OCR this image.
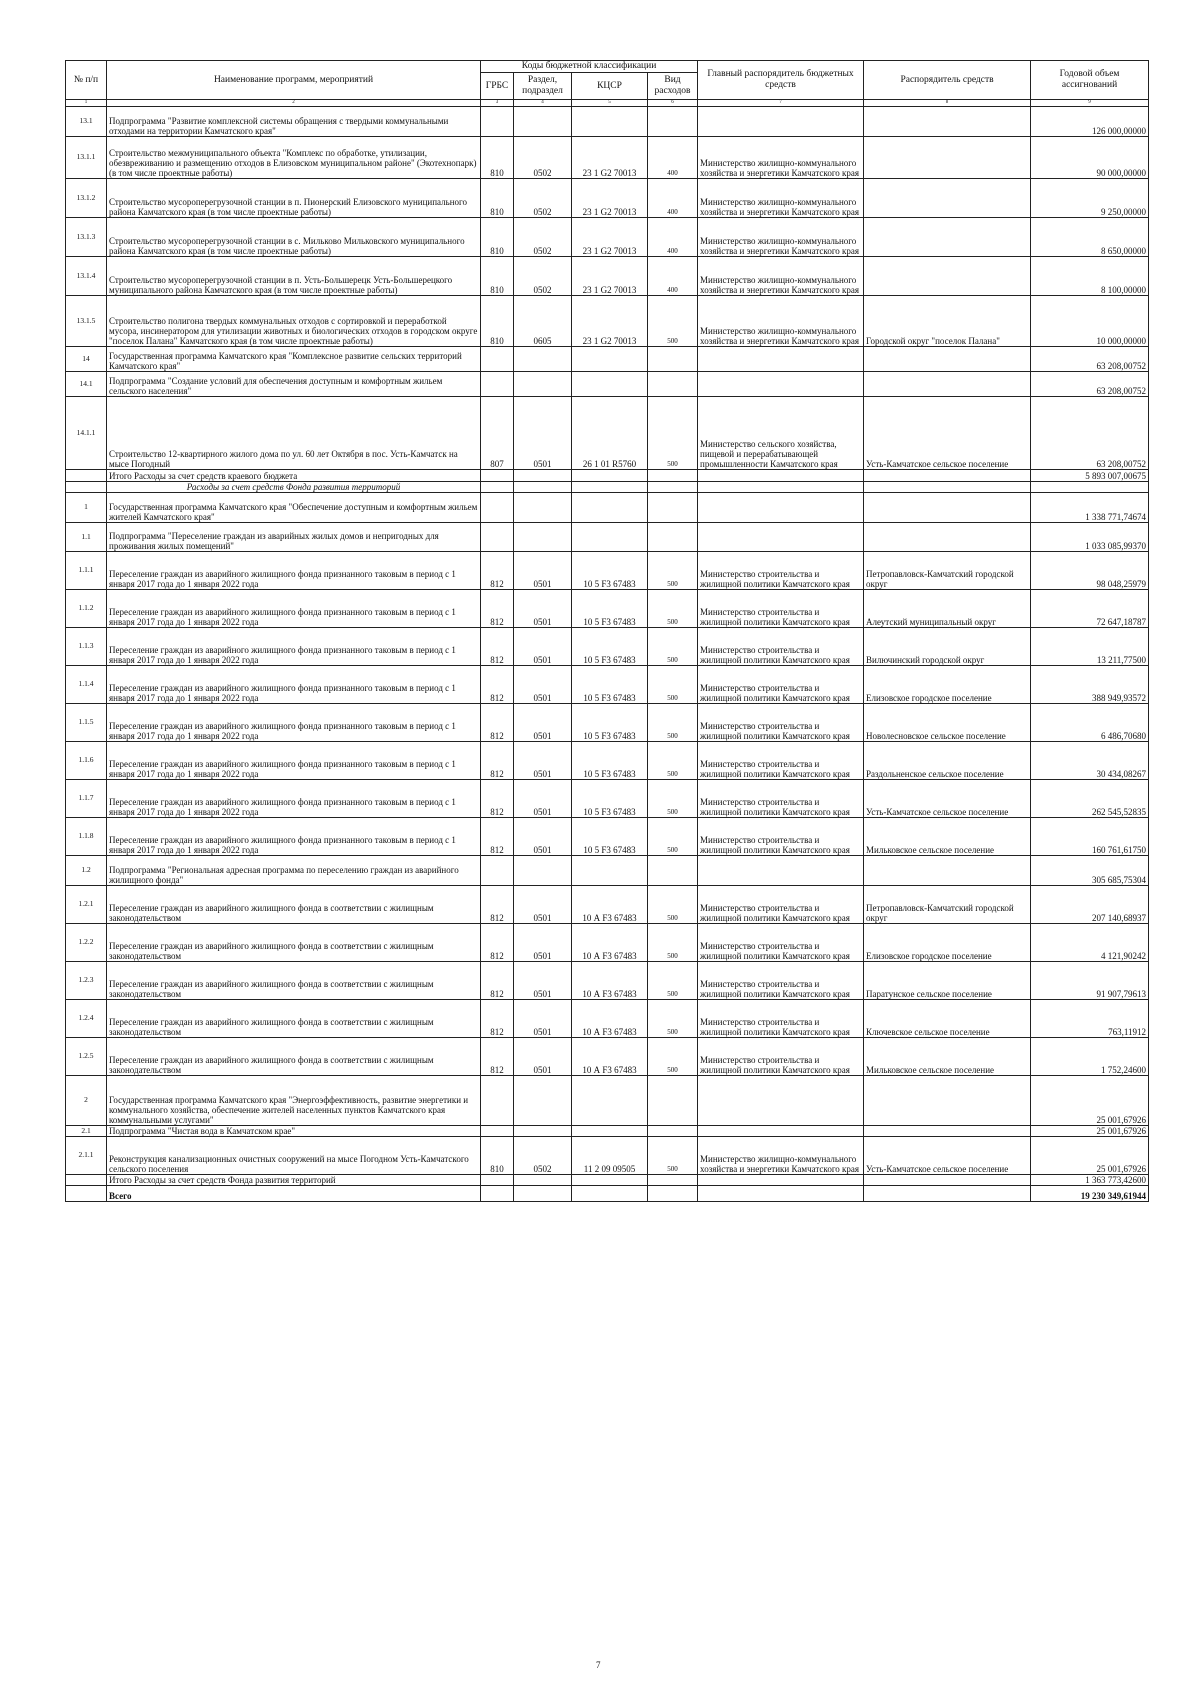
№ п/п	Наименование программ, мероприятий	Коды бюджетной классификации				Главный распорядитель бюджетных средств	Распорядитель средств	Годовой объем ассигнований
		ГРБС	Раздел, подраздел	КЦСР	Вид расходов			
1	2	3	4	5	6	7	8	9
13.1	Подпрограмма "Развитие комплексной системы обращения с твердыми коммунальными отходами на территории Камчатского края"							126 000,00000
13.1.1	Строительство межмуниципального объекта "Комплекс по обработке, утилизации, обезвреживанию и размещению отходов в Елизовском муниципальном районе" (Экотехнопарк) (в том числе проектные работы)	810	0502	23 1 G2 70013	400	Министерство жилищно-коммунального хозяйства и энергетики Камчатского края		90 000,00000
13.1.2	Строительство мусороперегрузочной станции в п. Пионерский Елизовского муниципального района Камчатского края (в том числе проектные работы)	810	0502	23 1 G2 70013	400	Министерство жилищно-коммунального хозяйства и энергетики Камчатского края		9 250,00000
13.1.3	Строительство мусороперегрузочной станции в с. Мильково Мильковского муниципального района Камчатского края (в том числе проектные работы)	810	0502	23 1 G2 70013	400	Министерство жилищно-коммунального хозяйства и энергетики Камчатского края		8 650,00000
13.1.4	Строительство мусороперегрузочной станции в п. Усть-Большерецк Усть-Большерецкого муниципального района Камчатского края (в том числе проектные работы)	810	0502	23 1 G2 70013	400	Министерство жилищно-коммунального хозяйства и энергетики Камчатского края		8 100,00000
13.1.5	Строительство полигона твердых коммунальных отходов с сортировкой и переработкой мусора, инсинератором для утилизации животных и биологических отходов в городском округе "поселок Палана" Камчатского края (в том числе проектные работы)	810	0605	23 1 G2 70013	500	Министерство жилищно-коммунального хозяйства и энергетики Камчатского края	Городской округ "поселок Палана"	10 000,00000
14	Государственная программа Камчатского края "Комплексное развитие сельских территорий Камчатского края"							63 208,00752
14.1	Подпрограмма "Создание условий для обеспечения доступным и комфортным жильем сельского населения"							63 208,00752
14.1.1	Строительство 12-квартирного жилого дома по ул. 60 лет Октября в пос. Усть-Камчатск на мысе Погодный	807	0501	26 1 01 R5760	500	Министерство сельского хозяйства, пищевой и перерабатывающей промышленности Камчатского края	Усть-Камчатское сельское поселение	63 208,00752
	Итого Расходы за счет средств краевого бюджета							5 893 007,00675
	Расходы за счет средств Фонда развития территорий							
1	Государственная программа Камчатского края "Обеспечение доступным и комфортным жильем жителей Камчатского края"							1 338 771,74674
1.1	Подпрограмма "Переселение граждан из аварийных жилых домов и непригодных для проживания жилых помещений"							1 033 085,99370
1.1.1	Переселение граждан из аварийного жилищного фонда признанного таковым в период с 1 января 2017 года до 1 января 2022 года	812	0501	10 5 F3 67483	500	Министерство строительства и жилищной политики Камчатского края	Петропавловск-Камчатский городской округ	98 048,25979
1.1.2	Переселение граждан из аварийного жилищного фонда признанного таковым в период с 1 января 2017 года до 1 января 2022 года	812	0501	10 5 F3 67483	500	Министерство строительства и жилищной политики Камчатского края	Алеутский муниципальный округ	72 647,18787
1.1.3	Переселение граждан из аварийного жилищного фонда признанного таковым в период с 1 января 2017 года до 1 января 2022 года	812	0501	10 5 F3 67483	500	Министерство строительства и жилищной политики Камчатского края	Вилючинский городской округ	13 211,77500
1.1.4	Переселение граждан из аварийного жилищного фонда признанного таковым в период с 1 января 2017 года до 1 января 2022 года	812	0501	10 5 F3 67483	500	Министерство строительства и жилищной политики Камчатского края	Елизовское городское поселение	388 949,93572
1.1.5	Переселение граждан из аварийного жилищного фонда признанного таковым в период с 1 января 2017 года до 1 января 2022 года	812	0501	10 5 F3 67483	500	Министерство строительства и жилищной политики Камчатского края	Новолесновское сельское поселение	6 486,70680
1.1.6	Переселение граждан из аварийного жилищного фонда признанного таковым в период с 1 января 2017 года до 1 января 2022 года	812	0501	10 5 F3 67483	500	Министерство строительства и жилищной политики Камчатского края	Раздольненское сельское поселение	30 434,08267
1.1.7	Переселение граждан из аварийного жилищного фонда признанного таковым в период с 1 января 2017 года до 1 января 2022 года	812	0501	10 5 F3 67483	500	Министерство строительства и жилищной политики Камчатского края	Усть-Камчатское сельское поселение	262 545,52835
1.1.8	Переселение граждан из аварийного жилищного фонда признанного таковым в период с 1 января 2017 года до 1 января 2022 года	812	0501	10 5 F3 67483	500	Министерство строительства и жилищной политики Камчатского края	Мильковское сельское поселение	160 761,61750
1.2	Подпрограмма "Региональная адресная программа по переселению граждан из аварийного жилищного фонда"							305 685,75304
1.2.1	Переселение граждан из аварийного жилищного фонда в соответствии с жилищным законодательством	812	0501	10 А F3 67483	500	Министерство строительства и жилищной политики Камчатского края	Петропавловск-Камчатский городской округ	207 140,68937
1.2.2	Переселение граждан из аварийного жилищного фонда в соответствии с жилищным законодательством	812	0501	10 А F3 67483	500	Министерство строительства и жилищной политики Камчатского края	Елизовское городское поселение	4 121,90242
1.2.3	Переселение граждан из аварийного жилищного фонда в соответствии с жилищным законодательством	812	0501	10 А F3 67483	500	Министерство строительства и жилищной политики Камчатского края	Паратунское сельское поселение	91 907,79613
1.2.4	Переселение граждан из аварийного жилищного фонда в соответствии с жилищным законодательством	812	0501	10 А F3 67483	500	Министерство строительства и жилищной политики Камчатского края	Ключевское сельское поселение	763,11912
1.2.5	Переселение граждан из аварийного жилищного фонда в соответствии с жилищным законодательством	812	0501	10 А F3 67483	500	Министерство строительства и жилищной политики Камчатского края	Мильковское сельское поселение	1 752,24600
2	Государственная программа Камчатского края "Энергоэффективность, развитие энергетики и коммунального хозяйства, обеспечение жителей населенных пунктов Камчатского края коммунальными услугами"							25 001,67926
2.1	Подпрограмма "Чистая вода в Камчатском крае"							25 001,67926
2.1.1	Реконструкция канализационных очистных сооружений на мысе Погодном Усть-Камчатского сельского поселения	810	0502	11 2 09 09505	500	Министерство жилищно-коммунального хозяйства и энергетики Камчатского края	Усть-Камчатское сельское поселение	25 001,67926
	Итого Расходы за счет средств Фонда развития территорий							1 363 773,42600
	Всего							19 230 349,61944
7
